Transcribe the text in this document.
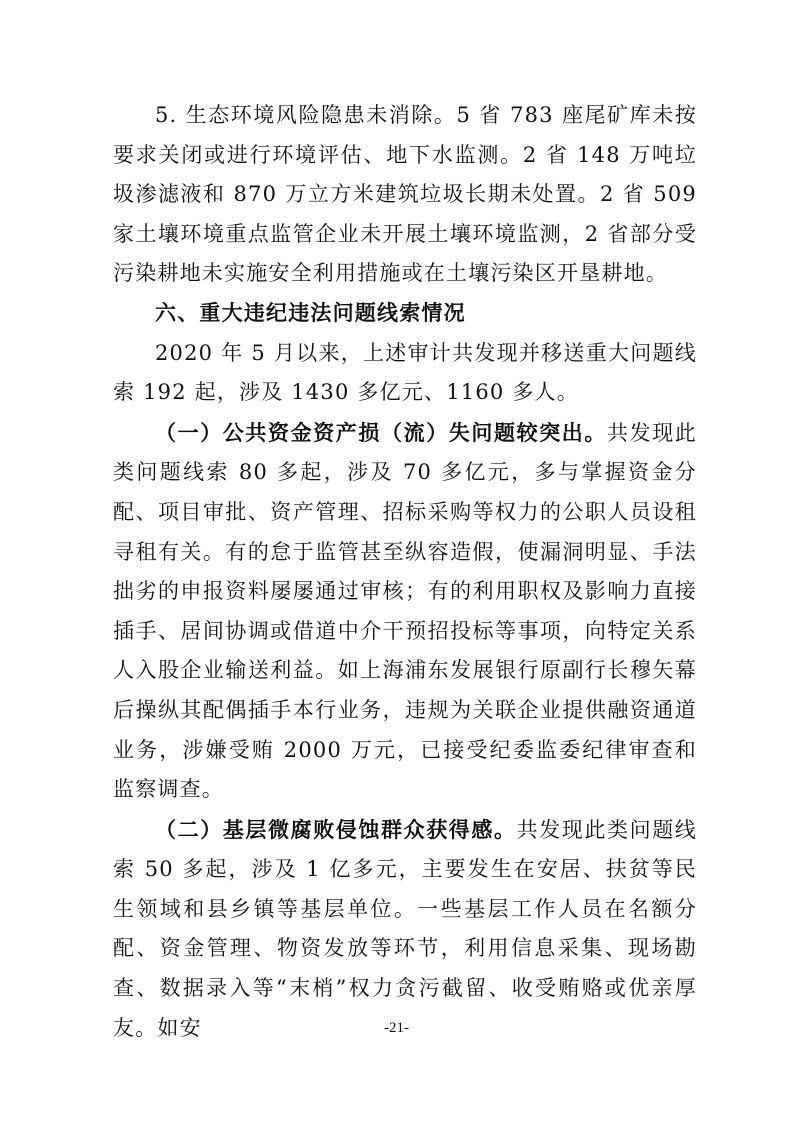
5. 生态环境风险隐患未消除。5 省 783 座尾矿库未按要求关闭或进行环境评估、地下水监测。2 省 148 万吨垃圾渗滤液和 870 万立方米建筑垃圾长期未处置。2 省 509 家土壤环境重点监管企业未开展土壤环境监测，2 省部分受污染耕地未实施安全利用措施或在土壤污染区开垦耕地。

六、重大违纪违法问题线索情况

2020 年 5 月以来，上述审计共发现并移送重大问题线索 192 起，涉及 1430 多亿元、1160 多人。

（一）公共资金资产损（流）失问题较突出。共发现此类问题线索 80 多起，涉及 70 多亿元，多与掌握资金分配、项目审批、资产管理、招标采购等权力的公职人员设租寻租有关。有的怠于监管甚至纵容造假，使漏洞明显、手法拙劣的申报资料屡屡通过审核；有的利用职权及影响力直接插手、居间协调或借道中介干预招投标等事项，向特定关系人入股企业输送利益。如上海浦东发展银行原副行长穆矢幕后操纵其配偶插手本行业务，违规为关联企业提供融资通道业务，涉嫌受贿 2000 万元，已接受纪委监委纪律审查和监察调查。

（二）基层微腐败侵蚀群众获得感。共发现此类问题线索 50 多起，涉及 1 亿多元，主要发生在安居、扶贫等民生领域和县乡镇等基层单位。一些基层工作人员在名额分配、资金管理、物资发放等环节，利用信息采集、现场勘查、数据录入等“末梢”权力贪污截留、收受贿赂或优亲厚友。如安	-21-
